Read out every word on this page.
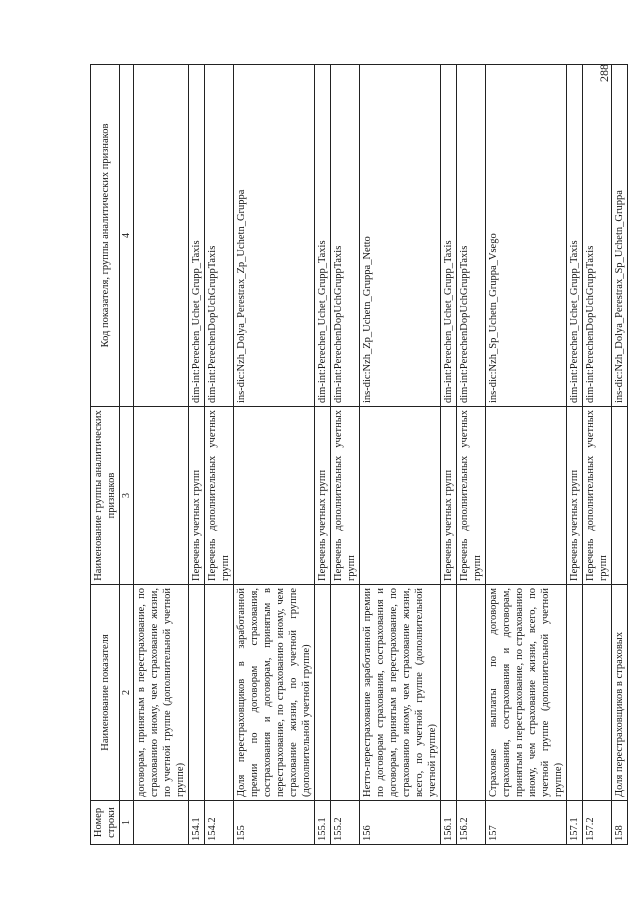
288
Номер строки	Наименование показателя	Наименование группы аналитических признаков	Код показателя, группы аналитических признаков
1	2	3	4
	договорам, принятым в перестрахование, по страхованию иному, чем страхование жизни, по учетной группе (дополнительной учетной группе)		
154.1		Перечень учетных групп	dim-int:Perechen_Uchet_Grupp_Taxis
154.2		Перечень дополнительных учетных групп	dim-int:PerechenDopUchGruppTaxis
155	Доля перестраховщиков в заработанной премии по договорам страхования, сострахования и договорам, принятым в перестрахование, по страхованию иному, чем страхование жизни, по учетной группе (дополнительной учетной группе)		ins-dic:Nzh_Dolya_Perestrax_Zp_Uchetn_Gruppa
155.1		Перечень учетных групп	dim-int:Perechen_Uchet_Grupp_Taxis
155.2		Перечень дополнительных учетных групп	dim-int:PerechenDopUchGruppTaxis
156	Нетто-перестрахование заработанной премии по договорам страхования, сострахования и договорам, принятым в перестрахование, по страхованию иному, чем страхование жизни, всего, по учетной группе (дополнительной учетной группе)		ins-dic:Nzh_Zp_Uchetn_Gruppa_Netto
156.1		Перечень учетных групп	dim-int:Perechen_Uchet_Grupp_Taxis
156.2		Перечень дополнительных учетных групп	dim-int:PerechenDopUchGruppTaxis
157	Страховые выплаты по договорам страхования, сострахования и договорам, принятым в перестрахование, по страхованию иному, чем страхование жизни, всего, по учетной группе (дополнительной учетной группе)		ins-dic:Nzh_Sp_Uchetn_Gruppa_Vsego
157.1		Перечень учетных групп	dim-int:Perechen_Uchet_Grupp_Taxis
157.2		Перечень дополнительных учетных групп	dim-int:PerechenDopUchGruppTaxis
158	Доля перестраховщиков в страховых		ins-dic:Nzh_Dolya_Perestrax_Sp_Uchetn_Gruppa
